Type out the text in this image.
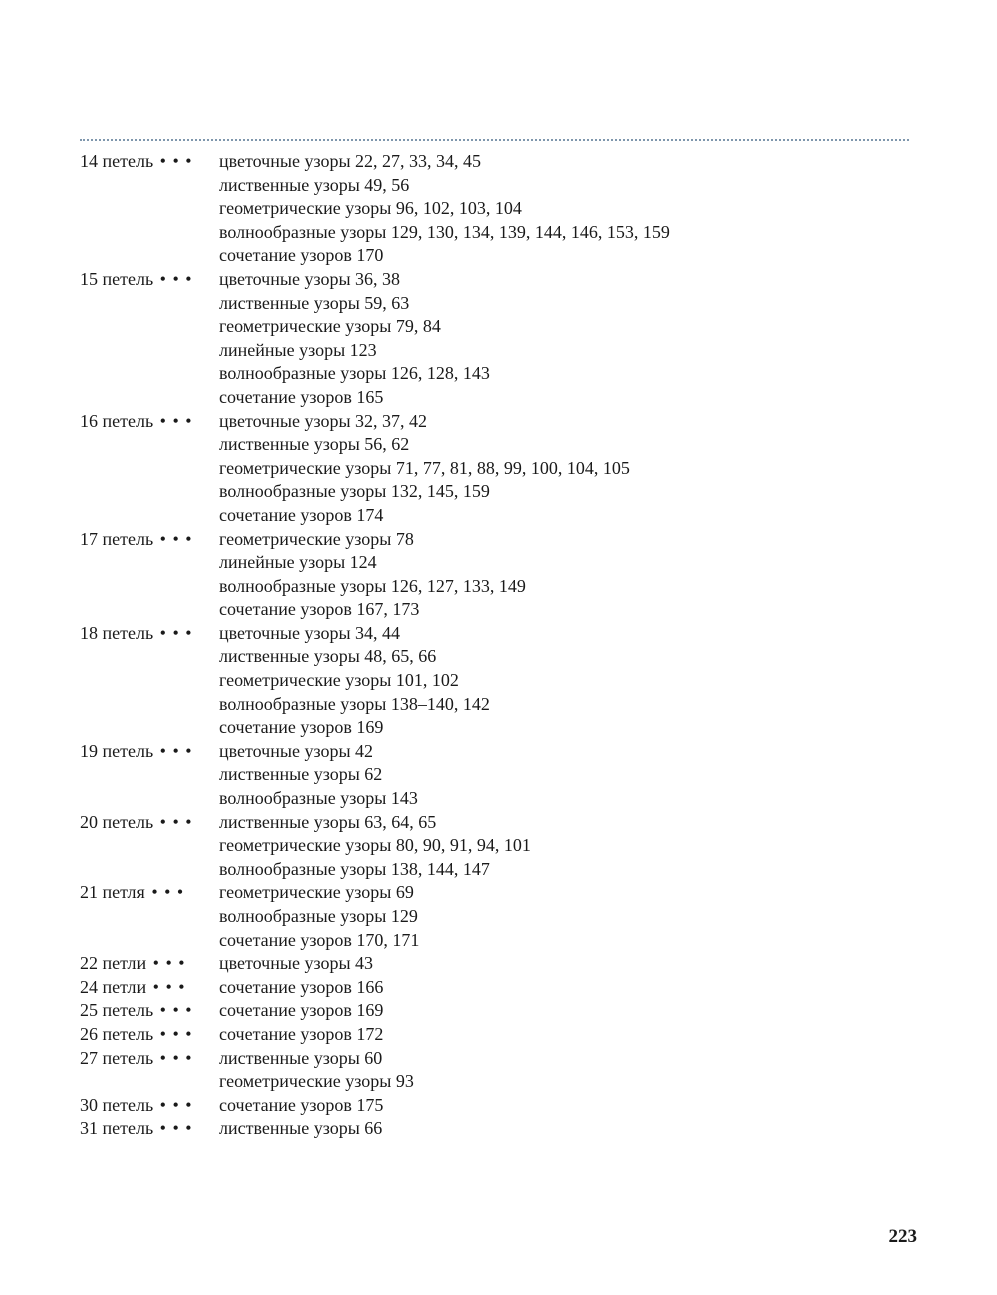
14 петель • • •	цветочные узоры 22, 27, 33, 34, 45
лиственные узоры 49, 56
геометрические узоры 96, 102, 103, 104
волнообразные узоры 129, 130, 134, 139, 144, 146, 153, 159
сочетание узоров 170
15 петель • • •	цветочные узоры 36, 38
лиственные узоры 59, 63
геометрические узоры 79, 84
линейные узоры 123
волнообразные узоры 126, 128, 143
сочетание узоров 165
16 петель • • •	цветочные узоры 32, 37, 42
лиственные узоры 56, 62
геометрические узоры 71, 77, 81, 88, 99, 100, 104, 105
волнообразные узоры 132, 145, 159
сочетание узоров 174
17 петель • • •	геометрические узоры 78
линейные узоры 124
волнообразные узоры 126, 127, 133, 149
сочетание узоров 167, 173
18 петель • • •	цветочные узоры 34, 44
лиственные узоры 48, 65, 66
геометрические узоры 101, 102
волнообразные узоры 138–140, 142
сочетание узоров 169
19 петель • • •	цветочные узоры 42
лиственные узоры 62
волнообразные узоры 143
20 петель • • •	лиственные узоры 63, 64, 65
геометрические узоры 80, 90, 91, 94, 101
волнообразные узоры 138, 144, 147
21 петля • • •	геометрические узоры 69
волнообразные узоры 129
сочетание узоров 170, 171
22 петли • • •	цветочные узоры 43
24 петли • • •	сочетание узоров 166
25 петель • • •	сочетание узоров 169
26 петель • • •	сочетание узоров 172
27 петель • • •	лиственные узоры 60
геометрические узоры 93
30 петель • • •	сочетание узоров 175
31 петель • • •	лиственные узоры 66
223
